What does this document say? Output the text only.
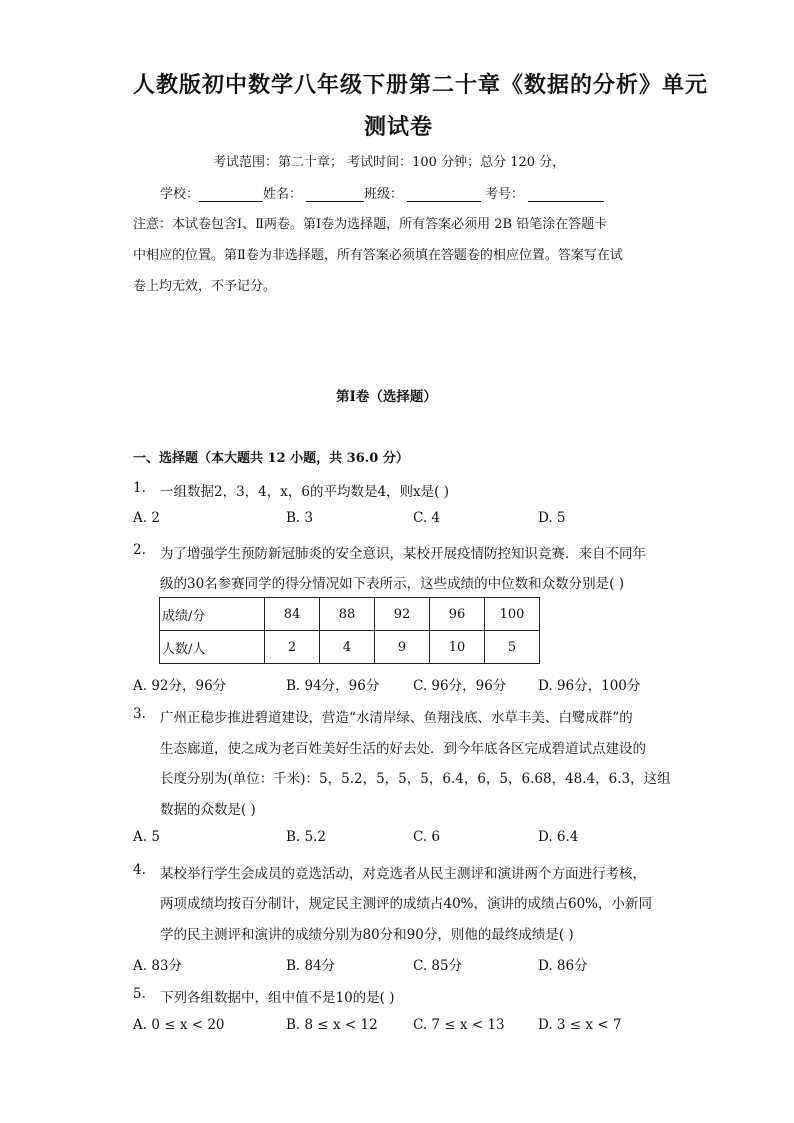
人教版初中数学八年级下册第二十章《数据的分析》单元
测试卷
考试范围：第二十章； 考试时间：100 分钟；总分 120 分，
学校：	姓名：	班级：	考号：
注意：本试卷包含Ⅰ、Ⅱ两卷。第Ⅰ卷为选择题，所有答案必须用 2B 铅笔涂在答题卡
中相应的位置。第Ⅱ卷为非选择题，所有答案必须填在答题卷的相应位置。答案写在试
卷上均无效，不予记分。
第Ⅰ卷（选择题）
一、选择题（本大题共 12 小题，共 36.0 分）
1. 一组数据2，3，4，x，6的平均数是4，则x是( )
A. 2	B. 3	C. 4	D. 5
2. 为了增强学生预防新冠肺炎的安全意识，某校开展疫情防控知识竞赛．来自不同年
级的30名参赛同学的得分情况如下表所示，这些成绩的中位数和众数分别是( )
成绩/分	84	88	92	96	100
人数/人	2	4	9	10	5
A. 92分，96分	B. 94分，96分 C. 96分，96分 D. 96分，100分
3. 广州正稳步推进碧道建设，营造“水清岸绿、鱼翔浅底、水草丰美、白鹭成群”的
生态廊道，使之成为老百姓美好生活的好去处．到今年底各区完成碧道试点建设的
长度分别为(单位：千米)：5，5.2，5，5，5，6.4，6，5，6.68，48.4，6.3，这组
数据的众数是( )
A. 5	B. 5.2	C. 6	D. 6.4
4. 某校举行学生会成员的竞选活动，对竞选者从民主测评和演讲两个方面进行考核，
两项成绩均按百分制计，规定民主测评的成绩占40%，演讲的成绩占60%，小新同
学的民主测评和演讲的成绩分别为80分和90分，则他的最终成绩是( )
A. 83分	B. 84分	C. 85分	D. 86分
5. 下列各组数据中，组中值不是10的是( )
A. 0 ≤ x < 20	B. 8 ≤ x < 12	C. 7 ≤ x < 13 D. 3 ≤ x < 7
